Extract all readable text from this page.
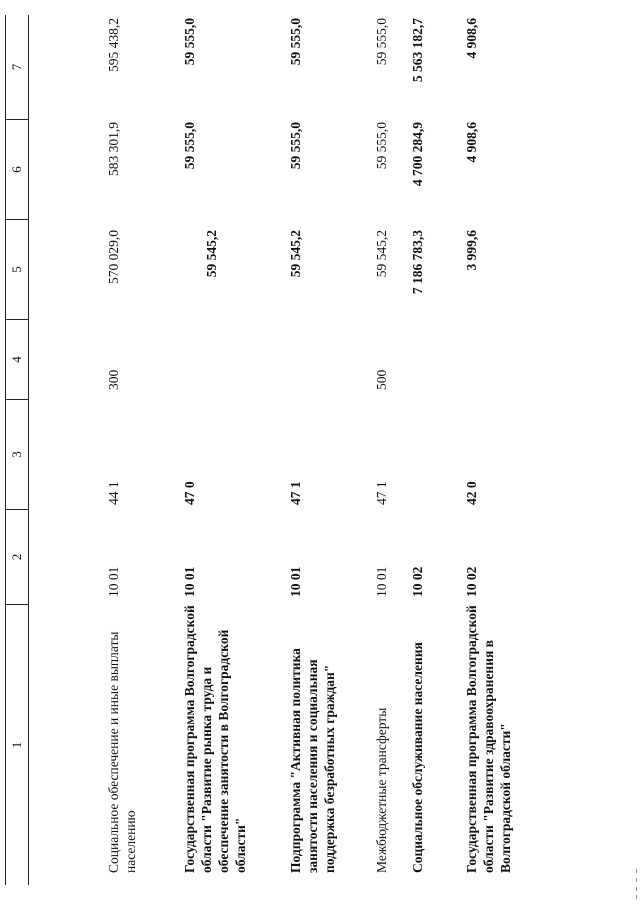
1
2
3
4
5
6
7
Социальное обеспечение и иные выплаты населению
10 01
44 1
300
570 029,0
583 301,9
595 438,2
Государственная программа Волгоградской области "Развитие рынка труда и обеспечение занятости в Волгоградской области"
10 01
47 0
59 545,2
59 555,0
59 555,0
Подпрограмма "Активная политика занятости населения и социальная поддержка безработных граждан"
10 01
47 1
59 545,2
59 555,0
59 555,0
Межбюджетные трансферты
10 01
47 1
500
59 545,2
59 555,0
59 555,0
Социальное обслуживание населения
10 02
7 186 783,3
4 700 284,9
5 563 182,7
Государственная программа Волгоградской области "Развитие здравоохранения в Волгоградской области"
10 02
42 0
3 999,6
4 908,6
4 908,6
